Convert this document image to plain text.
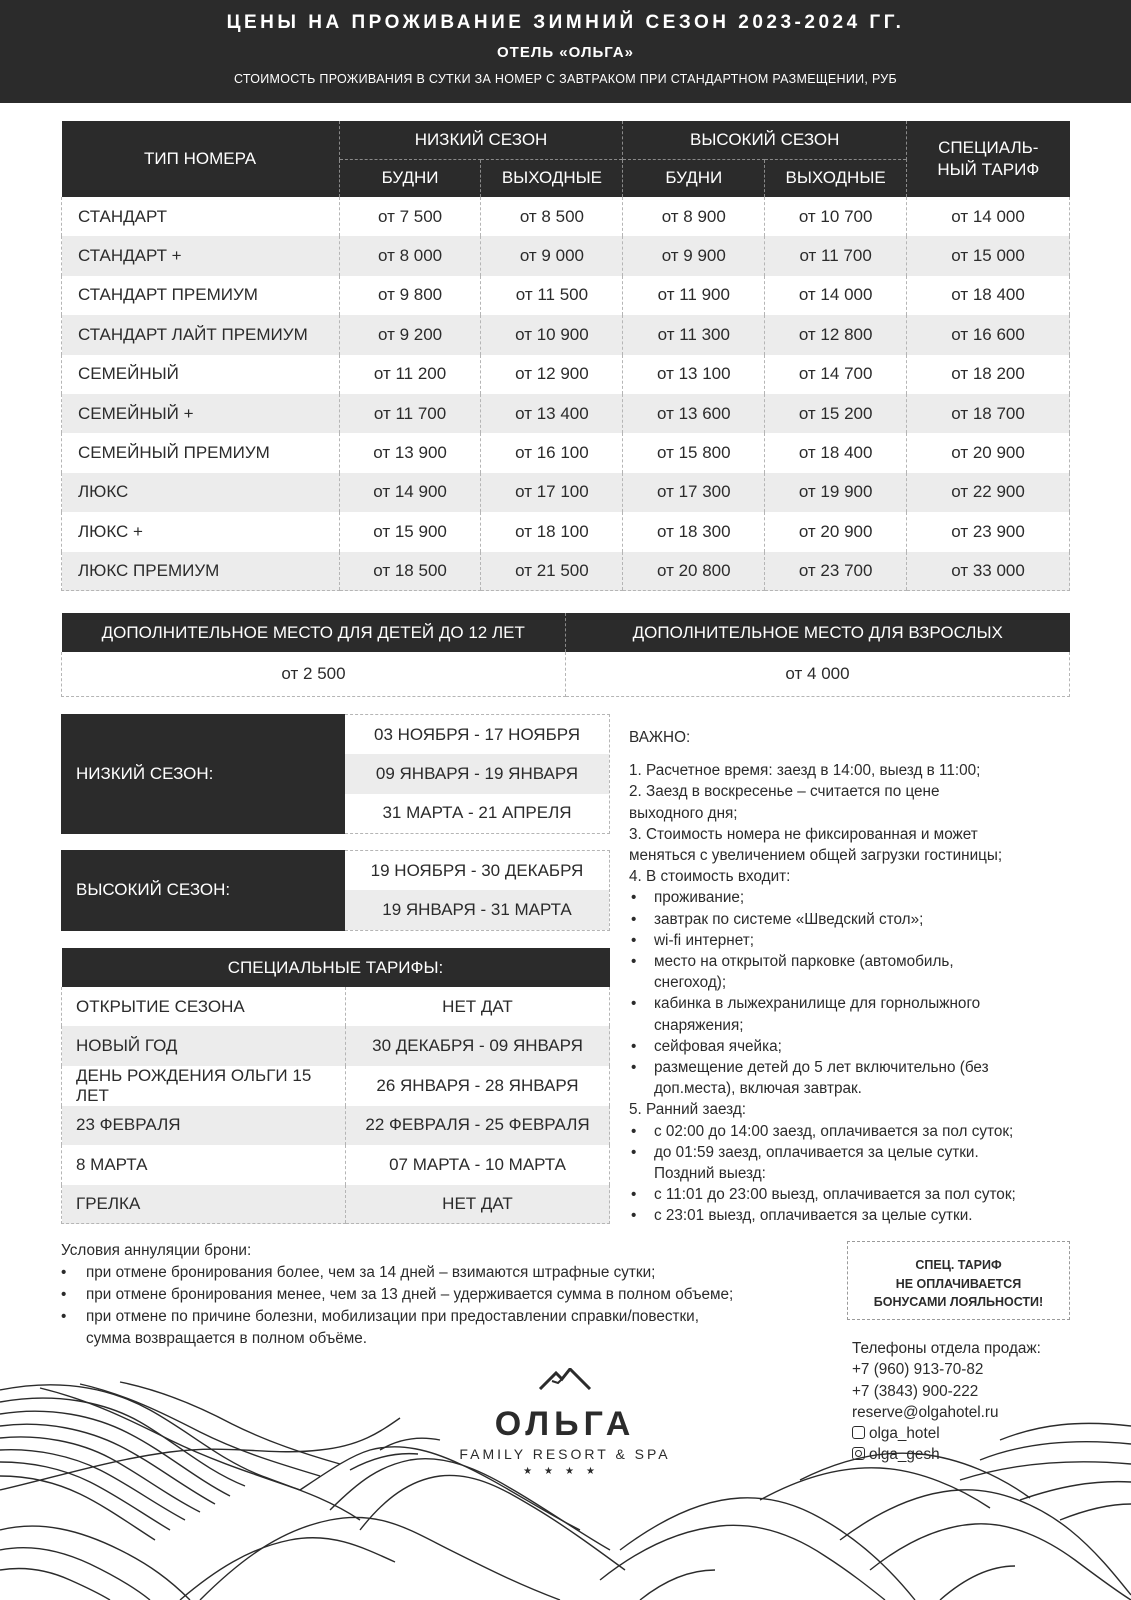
ЦЕНЫ НА ПРОЖИВАНИЕ ЗИМНИЙ СЕЗОН 2023-2024 ГГ.
ОТЕЛЬ «ОЛЬГА»
СТОИМОСТЬ ПРОЖИВАНИЯ В СУТКИ ЗА НОМЕР С ЗАВТРАКОМ ПРИ СТАНДАРТНОМ РАЗМЕЩЕНИИ, РУБ
ТИП НОМЕРА	НИЗКИЙ СЕЗОН		ВЫСОКИЙ СЕЗОН		СПЕЦИАЛЬ-
НЫЙ ТАРИФ
	БУДНИ	ВЫХОДНЫЕ	БУДНИ	ВЫХОДНЫЕ	
СТАНДАРТ	от 7 500	от 8 500	от 8 900	от 10 700	от 14 000
СТАНДАРТ +	от 8 000	от 9 000	от 9 900	от 11 700	от 15 000
СТАНДАРТ ПРЕМИУМ	от 9 800	от 11 500	от 11 900	от 14 000	от 18 400
СТАНДАРТ ЛАЙТ ПРЕМИУМ	от 9 200	от 10 900	от 11 300	от 12 800	от 16 600
СЕМЕЙНЫЙ	от 11 200	от 12 900	от 13 100	от 14 700	от 18 200
СЕМЕЙНЫЙ +	от 11 700	от 13 400	от 13 600	от 15 200	от 18 700
СЕМЕЙНЫЙ ПРЕМИУМ	от 13 900	от 16 100	от 15 800	от 18 400	от 20 900
ЛЮКС	от 14 900	от 17 100	от 17 300	от 19 900	от 22 900
ЛЮКС +	от 15 900	от 18 100	от 18 300	от 20 900	от 23 900
ЛЮКС ПРЕМИУМ	от 18 500	от 21 500	от 20 800	от 23 700	от 33 000
ДОПОЛНИТЕЛЬНОЕ МЕСТО ДЛЯ ДЕТЕЙ ДО 12 ЛЕТ	ДОПОЛНИТЕЛЬНОЕ МЕСТО ДЛЯ ВЗРОСЛЫХ
от 2 500	от 4 000
НИЗКИЙ СЕЗОН:
03 НОЯБРЯ - 17 НОЯБРЯ
09 ЯНВАРЯ - 19 ЯНВАРЯ
31 МАРТА - 21 АПРЕЛЯ
ВЫСОКИЙ СЕЗОН:
19 НОЯБРЯ - 30 ДЕКАБРЯ
19 ЯНВАРЯ - 31 МАРТА
СПЕЦИАЛЬНЫЕ ТАРИФЫ:	
ОТКРЫТИЕ СЕЗОНА	НЕТ ДАТ
НОВЫЙ ГОД	30 ДЕКАБРЯ - 09 ЯНВАРЯ
ДЕНЬ РОЖДЕНИЯ ОЛЬГИ 15 ЛЕТ	26 ЯНВАРЯ - 28 ЯНВАРЯ
23 ФЕВРАЛЯ	22 ФЕВРАЛЯ - 25 ФЕВРАЛЯ
8 МАРТА	07 МАРТА - 10 МАРТА
ГРЕЛКА	НЕТ ДАТ
ВАЖНО:
1. Расчетное время: заезд в 14:00, выезд в 11:00;
2. Заезд в воскресенье – считается по цене
выходного дня;
3. Стоимость номера не фиксированная и может
меняться с увеличением общей загрузки гостиницы;
4. В стоимость входит:
• проживание;
• завтрак по системе «Шведский стол»;
• wi-fi интернет;
• место на открытой парковке (автомобиль,
снегоход);
• кабинка в лыжехранилище для горнолыжного
снаряжения;
• сейфовая ячейка;
• размещение детей до 5 лет включительно (без
доп.места), включая завтрак.
5. Ранний заезд:
• с 02:00 до 14:00 заезд, оплачивается за пол суток;
• до 01:59 заезд, оплачивается за целые сутки.
Поздний выезд:
• с 11:01 до 23:00 выезд, оплачивается за пол суток;
• с 23:01 выезд, оплачивается за целые сутки.
Условия аннуляции брони:
• при отмене бронирования более, чем за 14 дней – взимаются штрафные сутки;
• при отмене бронирования менее, чем за 13 дней – удерживается сумма в полном объеме;
• при отмене по причине болезни, мобилизации при предоставлении справки/повестки,
сумма возвращается в полном объёме.
СПЕЦ. ТАРИФ
НЕ ОПЛАЧИВАЕТСЯ
БОНУСАМИ ЛОЯЛЬНОСТИ!
ОЛЬГА
FAMILY RESORT & SPA
★★★★
Телефоны отдела продаж:
+7 (960) 913-70-82
+7 (3843) 900-222
reserve@olgahotel.ru
olga_hotel
olga_gesh
